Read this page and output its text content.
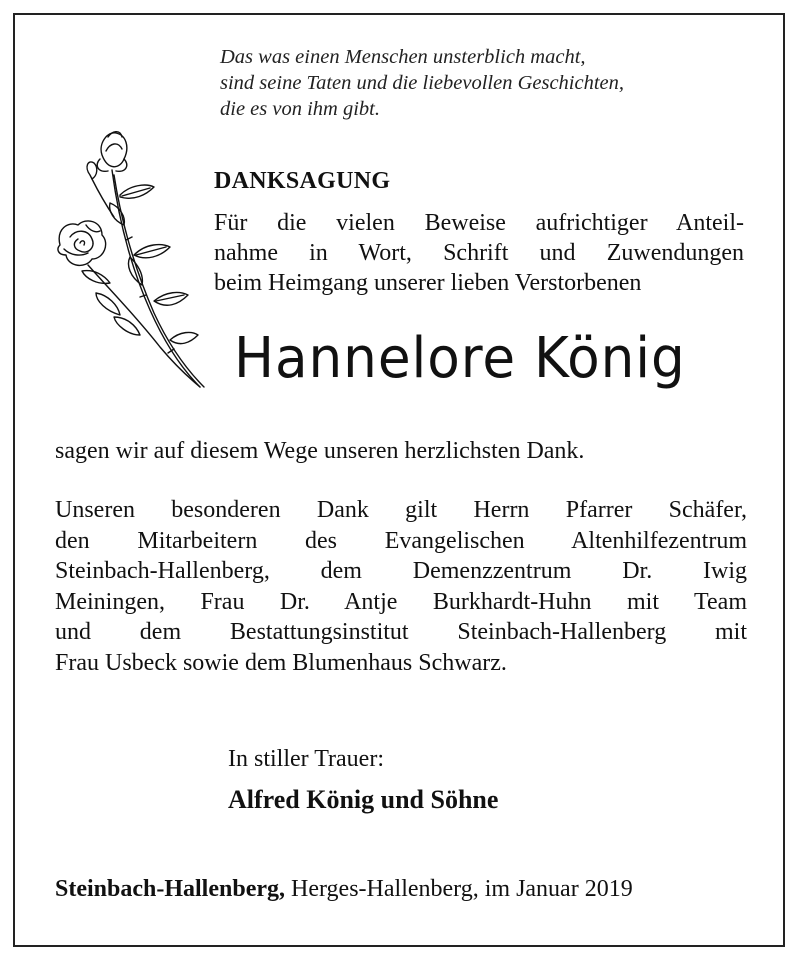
Das was einen Menschen unsterblich macht,
sind seine Taten und die liebevollen Geschichten,
die es von ihm gibt.
DANKSAGUNG
Für die vielen Beweise aufrichtiger Anteil-
nahme in Wort, Schrift und Zuwendungen
beim Heimgang unserer lieben Verstorbenen
Hannelore König
sagen wir auf diesem Wege unseren herzlichsten Dank.
Unseren besonderen Dank gilt Herrn Pfarrer Schäfer,
den Mitarbeitern des Evangelischen Altenhilfezentrum
Steinbach-Hallenberg, dem Demenzzentrum Dr. Iwig
Meiningen, Frau Dr. Antje Burkhardt-Huhn mit Team
und dem Bestattungsinstitut Steinbach-Hallenberg mit
Frau Usbeck sowie dem Blumenhaus Schwarz.
In stiller Trauer:
Alfred König und Söhne
Steinbach-Hallenberg, Herges-Hallenberg, im Januar 2019
